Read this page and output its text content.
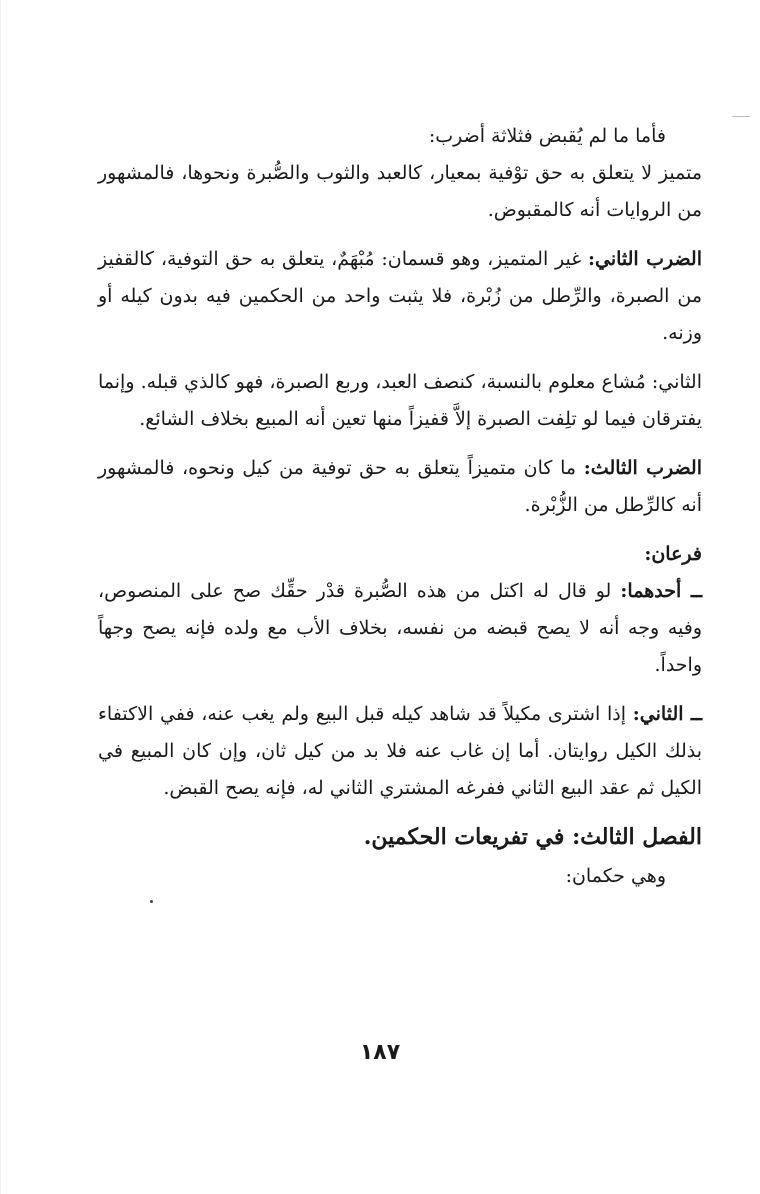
فأما ما لم يُقبض فثلاثة أضرب:

متميز لا يتعلق به حق توْفية بمعيار، كالعبد والثوب والصُّبرة ونحوها، فالمشهور من الروايات أنه كالمقبوض.

الضرب الثاني: غير المتميز، وهو قسمان: مُبْهَمٌ، يتعلق به حق التوفية، كالقفيز من الصبرة، والرِّطل من زُبْرة، فلا يثبت واحد من الحكمين فيه بدون كيله أو وزنه.

الثاني: مُشاع معلوم بالنسبة، كنصف العبد، وربع الصبرة، فهو كالذي قبله. وإنما يفترقان فيما لو تلِفت الصبرة إلاَّ قفيزاً منها تعين أنه المبيع بخلاف الشائع.

الضرب الثالث: ما كان متميزاً يتعلق به حق توفية من كيل ونحوه، فالمشهور أنه كالرِّطل من الزُّبْرة.

فرعان:

ــ أحدهما: لو قال له اكتل من هذه الصُّبرة قدْر حقِّك صح على المنصوص، وفيه وجه أنه لا يصح قبضه من نفسه، بخلاف الأب مع ولده فإنه يصح وجهاً واحداً.

ــ الثاني: إذا اشترى مكيلاً قد شاهد كيله قبل البيع ولم يغب عنه، ففي الاكتفاء بذلك الكيل روايتان. أما إن غاب عنه فلا بد من كيل ثان، وإن كان المبيع في الكيل ثم عقد البيع الثاني ففرغه المشتري الثاني له، فإنه يصح القبض.

الفصل الثالث: في تفريعات الحكمين.

وهي حكمان:

١٨٧
